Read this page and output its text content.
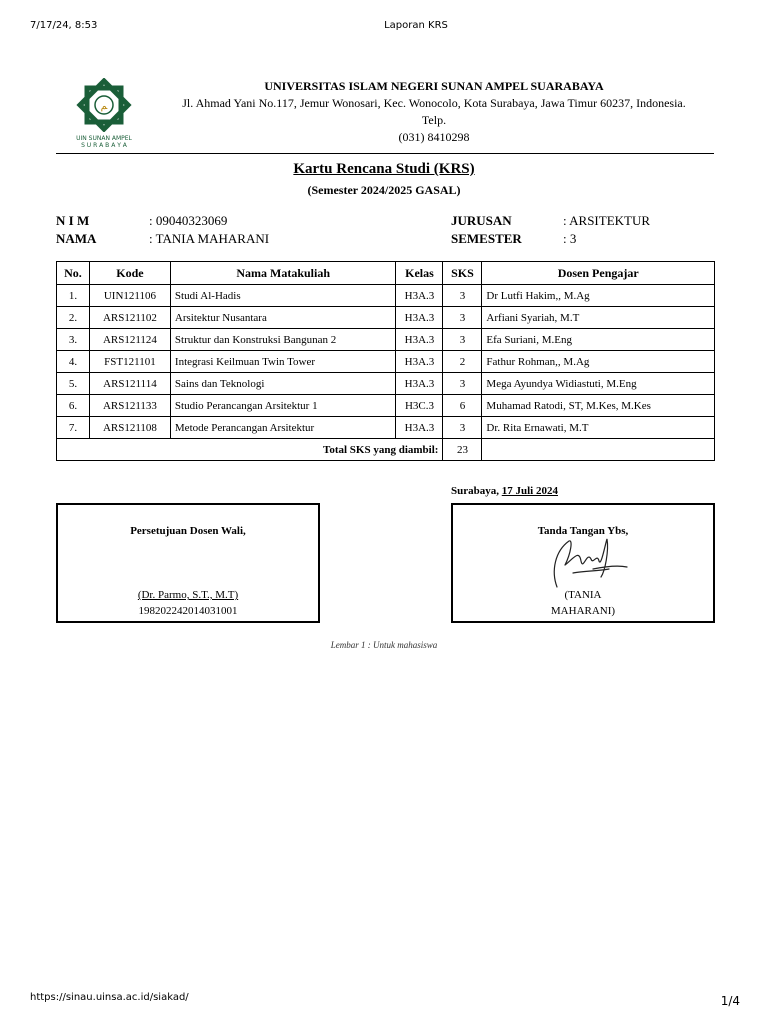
7/17/24, 8:53	Laporan KRS
ﻢ
UIN SUNAN AMPEL
S U R A B A Y A
UNIVERSITAS ISLAM NEGERI SUNAN AMPEL SUARABAYA
Jl. Ahmad Yani No.117, Jemur Wonosari, Kec. Wonocolo, Kota Surabaya, Jawa Timur 60237, Indonesia. Telp.
(031) 8410298
Kartu Rencana Studi (KRS)
(Semester 2024/2025 GASAL)
N I M	: 09040323069
NAMA	: TANIA MAHARANI
JURUSAN	: ARSITEKTUR
SEMESTER	: 3
No.	Kode	Nama Matakuliah	Kelas	SKS	Dosen Pengajar
1.	UIN121106	Studi Al-Hadis	H3A.3	3	Dr Lutfi Hakim,, M.Ag
2.	ARS121102	Arsitektur Nusantara	H3A.3	3	Arfiani Syariah, M.T
3.	ARS121124	Struktur dan Konstruksi Bangunan 2	H3A.3	3	Efa Suriani, M.Eng
4.	FST121101	Integrasi Keilmuan Twin Tower	H3A.3	2	Fathur Rohman,, M.Ag
5.	ARS121114	Sains dan Teknologi	H3A.3	3	Mega Ayundya Widiastuti, M.Eng
6.	ARS121133	Studio Perancangan Arsitektur 1	H3C.3	6	Muhamad Ratodi, ST, M.Kes, M.Kes
7.	ARS121108	Metode Perancangan Arsitektur	H3A.3	3	Dr. Rita Ernawati, M.T
Total SKS yang diambil:				23	
Surabaya, 17 Juli 2024
Persetujuan Dosen Wali,
(Dr. Parmo, S.T., M.T)
198202242014031001
Tanda Tangan Ybs,
(TANIA
MAHARANI)
Lembar 1 : Untuk mahasiswa
https://sinau.uinsa.ac.id/siakad/	1/4
